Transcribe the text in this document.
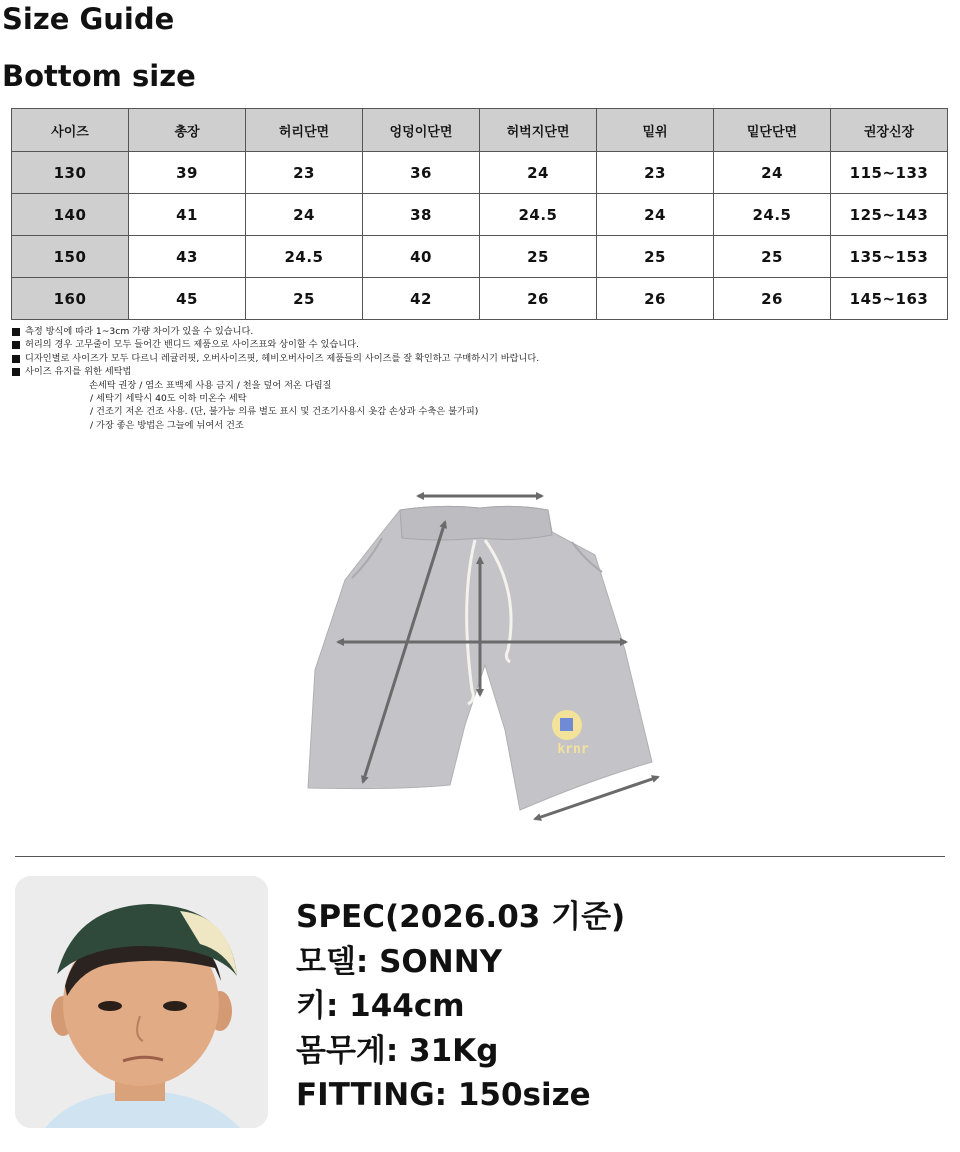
Size Guide
Bottom size
사이즈	총장	허리단면	엉덩이단면	허벅지단면	밑위	밑단단면	권장신장
130	39	23	36	24	23	24	115~133
140	41	24	38	24.5	24	24.5	125~143
150	43	24.5	40	25	25	25	135~153
160	45	25	42	26	26	26	145~163
측정 방식에 따라 1~3cm 가량 차이가 있을 수 있습니다.
허리의 경우 고무줄이 모두 들어간 밴디드 제품으로 사이즈표와 상이할 수 있습니다.
디자인별로 사이즈가 모두 다르니 레귤러핏, 오버사이즈핏, 헤비오버사이즈 제품들의 사이즈를 잘 확인하고 구매하시기 바랍니다.
사이즈 유지를 위한 세탁법
손세탁 권장 / 염소 표백제 사용 금지 / 천을 덮어 저온 다림질
/ 세탁기 세탁시 40도 이하 미온수 세탁
/ 건조기 저온 건조 사용. (단, 불가능 의류 별도 표시 및 건조기사용시 옷감 손상과 수축은 불가피)
/ 가장 좋은 방법은 그늘에 뉘여서 건조
krnr
SPEC(2026.03 기준)
모델: SONNY
키: 144cm
몸무게: 31Kg
FITTING: 150size
